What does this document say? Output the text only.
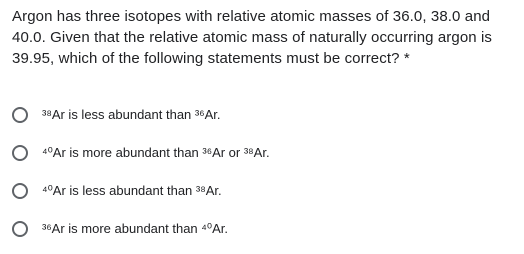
Argon has three isotopes with relative atomic masses of 36.0, 38.0 and 40.0. Given that the relative atomic mass of naturally occurring argon is 39.95, which of the following statements must be correct? *

³⁸Ar is less abundant than ³⁶Ar.
⁴⁰Ar is more abundant than ³⁶Ar or ³⁸Ar.
⁴⁰Ar is less abundant than ³⁸Ar.
³⁶Ar is more abundant than ⁴⁰Ar.
